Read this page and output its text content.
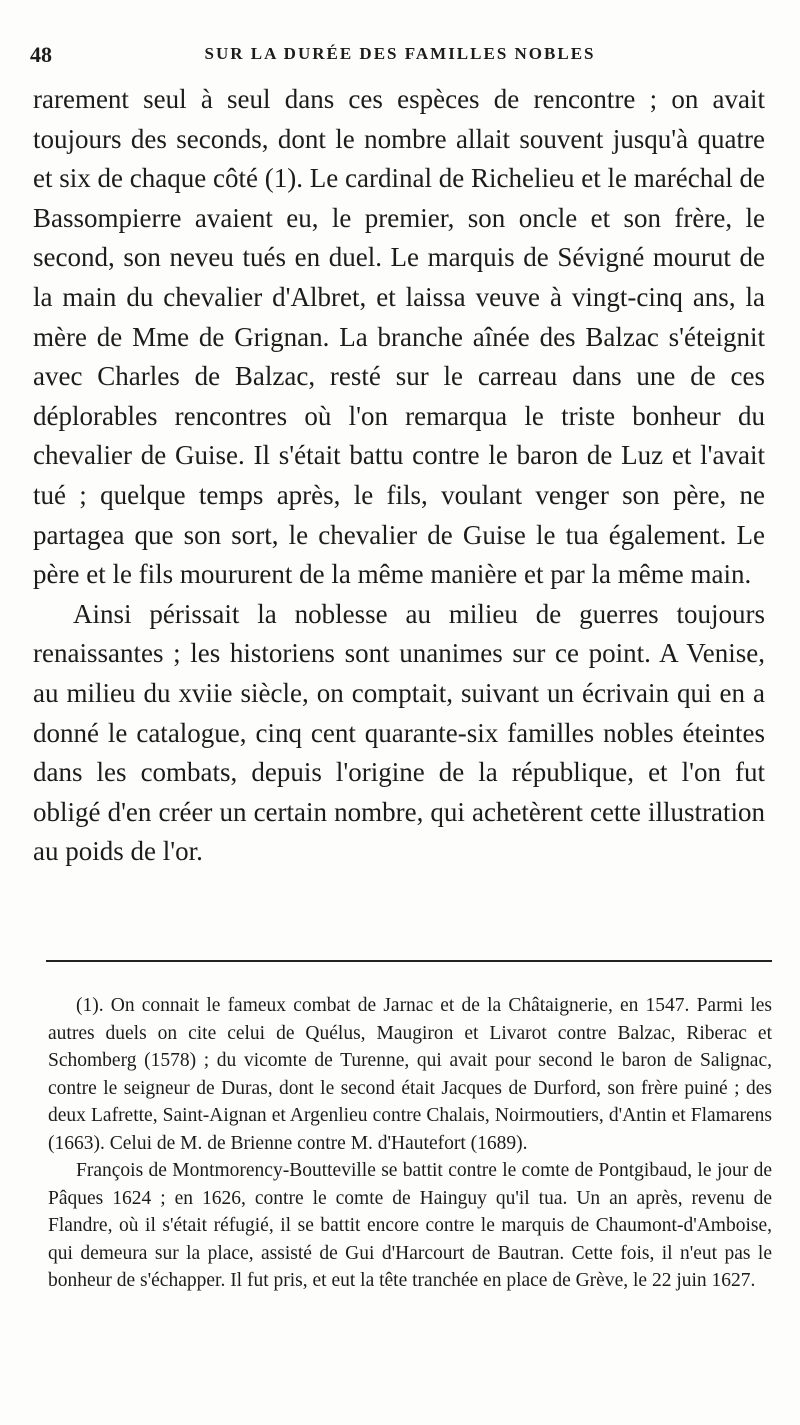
48	SUR LA DURÉE DES FAMILLES NOBLES

rarement seul à seul dans ces espèces de rencontre ; on avait toujours des seconds, dont le nombre allait souvent jusqu'à quatre et six de chaque côté (1). Le cardinal de Richelieu et le maréchal de Bassompierre avaient eu, le premier, son oncle et son frère, le second, son neveu tués en duel. Le marquis de Sévigné mourut de la main du chevalier d'Albret, et laissa veuve à vingt-cinq ans, la mère de Mme de Grignan. La branche aînée des Balzac s'éteignit avec Charles de Balzac, resté sur le carreau dans une de ces déplorables rencontres où l'on remarqua le triste bonheur du chevalier de Guise. Il s'était battu contre le baron de Luz et l'avait tué ; quelque temps après, le fils, voulant venger son père, ne partagea que son sort, le chevalier de Guise le tua également. Le père et le fils moururent de la même manière et par la même main.

Ainsi périssait la noblesse au milieu de guerres toujours renaissantes ; les historiens sont unanimes sur ce point. A Venise, au milieu du xviie siècle, on comptait, suivant un écrivain qui en a donné le catalogue, cinq cent quarante-six familles nobles éteintes dans les combats, depuis l'origine de la république, et l'on fut obligé d'en créer un certain nombre, qui achetèrent cette illustration au poids de l'or.

(1). On connait le fameux combat de Jarnac et de la Châtaignerie, en 1547. Parmi les autres duels on cite celui de Quélus, Maugiron et Livarot contre Balzac, Riberac et Schomberg (1578) ; du vicomte de Turenne, qui avait pour second le baron de Salignac, contre le seigneur de Duras, dont le second était Jacques de Durford, son frère puiné ; des deux Lafrette, Saint-Aignan et Argenlieu contre Chalais, Noirmoutiers, d'Antin et Flamarens (1663). Celui de M. de Brienne contre M. d'Hautefort (1689).

François de Montmorency-Boutteville se battit contre le comte de Pontgibaud, le jour de Pâques 1624 ; en 1626, contre le comte de Hainguy qu'il tua. Un an après, revenu de Flandre, où il s'était réfugié, il se battit encore contre le marquis de Chaumont-d'Amboise, qui demeura sur la place, assisté de Gui d'Harcourt de Bautran. Cette fois, il n'eut pas le bonheur de s'échapper. Il fut pris, et eut la tête tranchée en place de Grève, le 22 juin 1627.
